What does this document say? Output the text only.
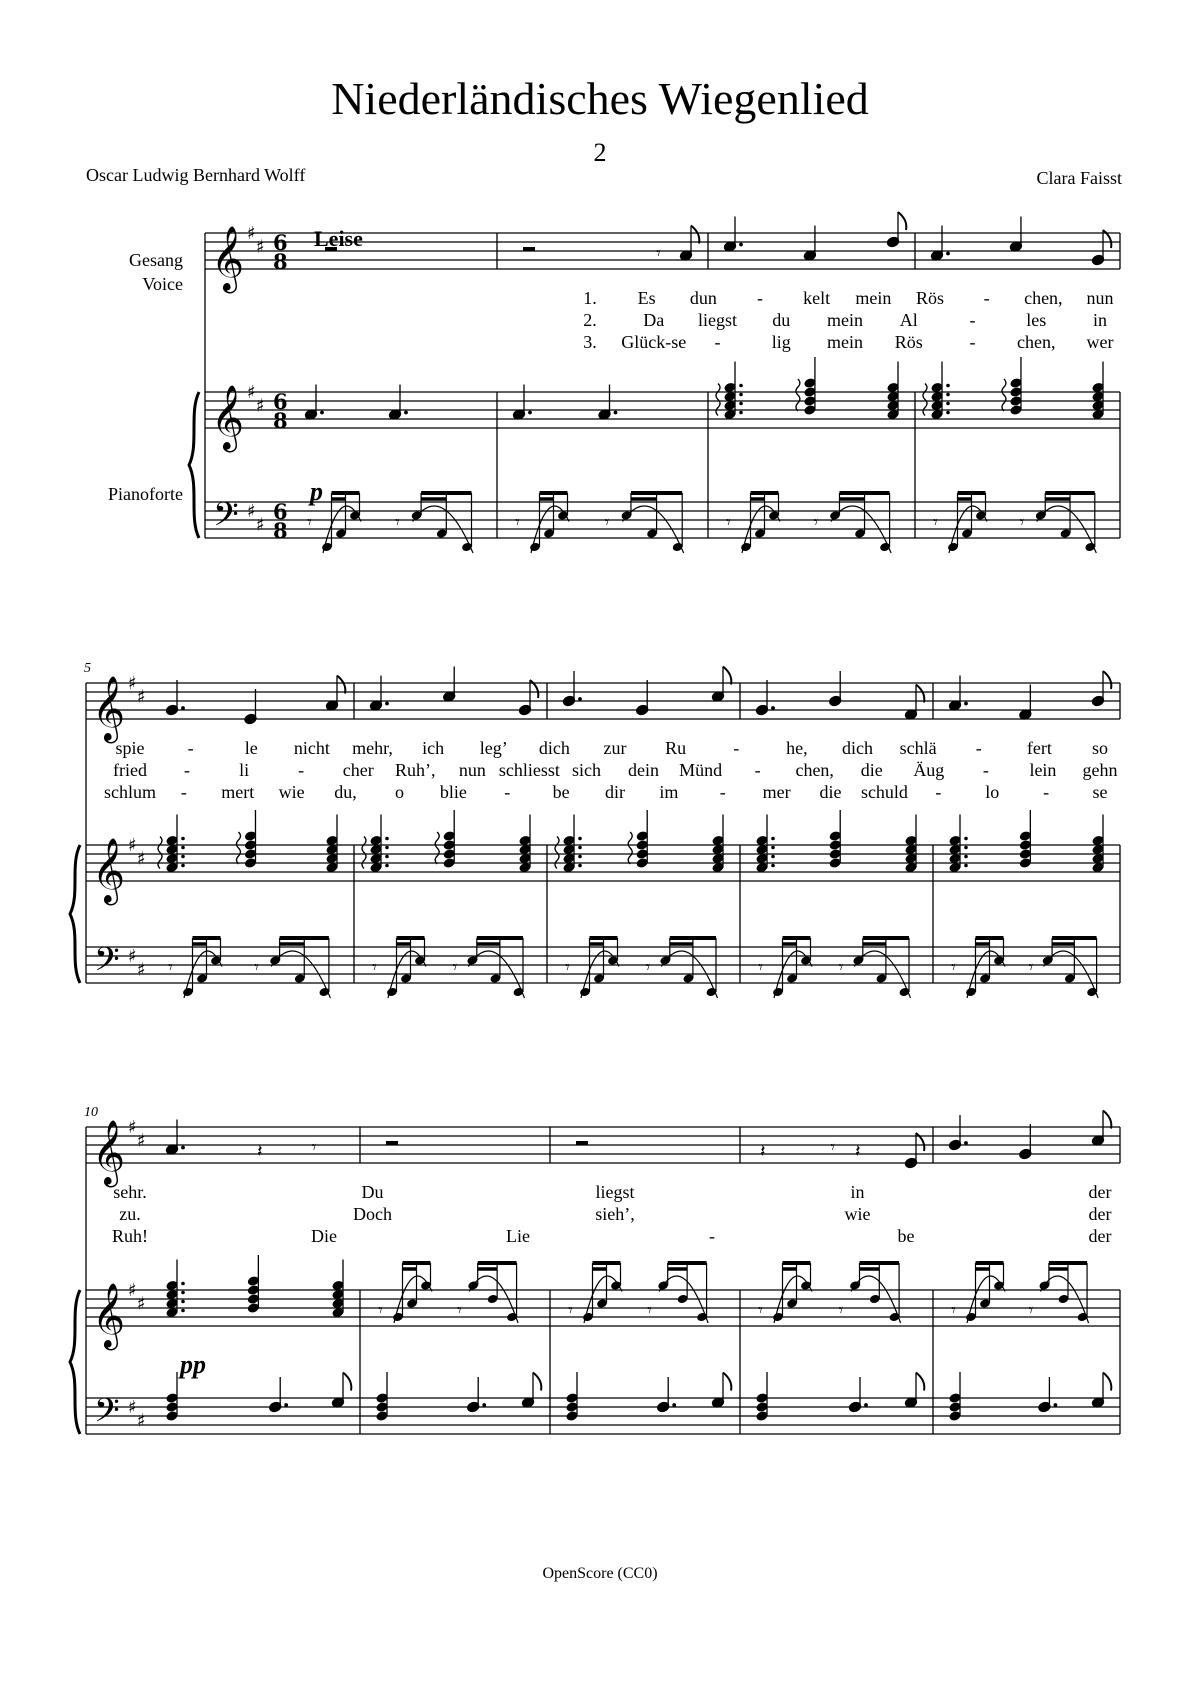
Niederländisches Wiegenlied
2
Oscar Ludwig Bernhard Wolff	Clara Faisst
𝄞 ♯
♯
𝄞 ♯
♯
𝄢 ♯
♯
6
8
6
8
6
8 𝄾	𝄾
𝄾
𝄾	𝄾	𝄾	𝄾	𝄾	𝄾
𝄞 ♯
♯
𝄞 ♯
♯
𝄢 ♯
♯ 𝄾	𝄾	𝄾	𝄾	𝄾	𝄾	𝄾	𝄾	𝄾	𝄾
𝄞 ♯
♯
𝄞 ♯
♯
𝄢 ♯
♯
𝄽	𝄾
𝄾	𝄾	𝄾	𝄾
𝄽	𝄾 𝄽
𝄾	𝄾	𝄾	𝄾
1. Es dun - kelt mein Rös - chen, nun
2.	Da liegst du mein Al	-	les	in
3. Glück-se -	lig mein Rös	- chen, wer
spie -	le nicht mehr, ich leg’ dich zur Ru	-	he, dich schlä -	fert so
fried -	li	- cher Ruh’, nun schliesst sich dein Münd - chen, die Äug - lein gehn
schlum - mert wie du, o blie - be dir im - mer die schuld - lo - se
sehr.	Du	liegst	in	der
zu.	Doch	sieh’,	wie	der
Ruh!	Die	Lie	-	be	der
Gesang
Voice
Pianoforte
Leise
p
pp
5
10
OpenScore (CC0)
